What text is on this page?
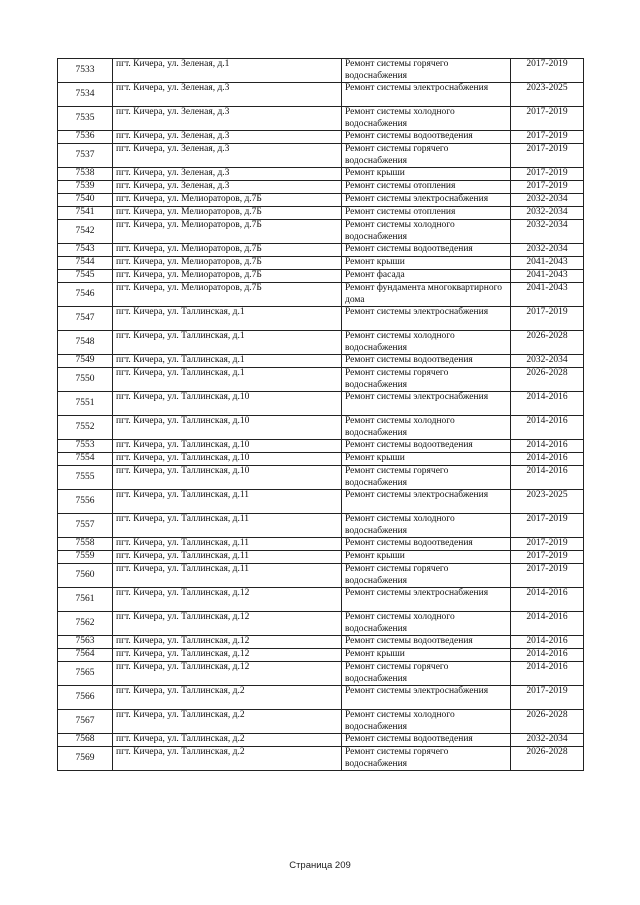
7533	пгт. Кичера, ул. Зеленая, д.1	Ремонт системы горячего водоснабжения	2017-2019
7534	пгт. Кичера, ул. Зеленая, д.3	Ремонт системы электроснабжения	2023-2025
7535	пгт. Кичера, ул. Зеленая, д.3	Ремонт системы холодного водоснабжения	2017-2019
7536	пгт. Кичера, ул. Зеленая, д.3	Ремонт системы водоотведения	2017-2019
7537	пгт. Кичера, ул. Зеленая, д.3	Ремонт системы горячего водоснабжения	2017-2019
7538	пгт. Кичера, ул. Зеленая, д.3	Ремонт крыши	2017-2019
7539	пгт. Кичера, ул. Зеленая, д.3	Ремонт системы отопления	2017-2019
7540	пгт. Кичера, ул. Мелиораторов, д.7Б	Ремонт системы электроснабжения	2032-2034
7541	пгт. Кичера, ул. Мелиораторов, д.7Б	Ремонт системы отопления	2032-2034
7542	пгт. Кичера, ул. Мелиораторов, д.7Б	Ремонт системы холодного водоснабжения	2032-2034
7543	пгт. Кичера, ул. Мелиораторов, д.7Б	Ремонт системы водоотведения	2032-2034
7544	пгт. Кичера, ул. Мелиораторов, д.7Б	Ремонт крыши	2041-2043
7545	пгт. Кичера, ул. Мелиораторов, д.7Б	Ремонт фасада	2041-2043
7546	пгт. Кичера, ул. Мелиораторов, д.7Б	Ремонт фундамента многоквартирного дома	2041-2043
7547	пгт. Кичера, ул. Таллинская, д.1	Ремонт системы электроснабжения	2017-2019
7548	пгт. Кичера, ул. Таллинская, д.1	Ремонт системы холодного водоснабжения	2026-2028
7549	пгт. Кичера, ул. Таллинская, д.1	Ремонт системы водоотведения	2032-2034
7550	пгт. Кичера, ул. Таллинская, д.1	Ремонт системы горячего водоснабжения	2026-2028
7551	пгт. Кичера, ул. Таллинская, д.10	Ремонт системы электроснабжения	2014-2016
7552	пгт. Кичера, ул. Таллинская, д.10	Ремонт системы холодного водоснабжения	2014-2016
7553	пгт. Кичера, ул. Таллинская, д.10	Ремонт системы водоотведения	2014-2016
7554	пгт. Кичера, ул. Таллинская, д.10	Ремонт крыши	2014-2016
7555	пгт. Кичера, ул. Таллинская, д.10	Ремонт системы горячего водоснабжения	2014-2016
7556	пгт. Кичера, ул. Таллинская, д.11	Ремонт системы электроснабжения	2023-2025
7557	пгт. Кичера, ул. Таллинская, д.11	Ремонт системы холодного водоснабжения	2017-2019
7558	пгт. Кичера, ул. Таллинская, д.11	Ремонт системы водоотведения	2017-2019
7559	пгт. Кичера, ул. Таллинская, д.11	Ремонт крыши	2017-2019
7560	пгт. Кичера, ул. Таллинская, д.11	Ремонт системы горячего водоснабжения	2017-2019
7561	пгт. Кичера, ул. Таллинская, д.12	Ремонт системы электроснабжения	2014-2016
7562	пгт. Кичера, ул. Таллинская, д.12	Ремонт системы холодного водоснабжения	2014-2016
7563	пгт. Кичера, ул. Таллинская, д.12	Ремонт системы водоотведения	2014-2016
7564	пгт. Кичера, ул. Таллинская, д.12	Ремонт крыши	2014-2016
7565	пгт. Кичера, ул. Таллинская, д.12	Ремонт системы горячего водоснабжения	2014-2016
7566	пгт. Кичера, ул. Таллинская, д.2	Ремонт системы электроснабжения	2017-2019
7567	пгт. Кичера, ул. Таллинская, д.2	Ремонт системы холодного водоснабжения	2026-2028
7568	пгт. Кичера, ул. Таллинская, д.2	Ремонт системы водоотведения	2032-2034
7569	пгт. Кичера, ул. Таллинская, д.2	Ремонт системы горячего водоснабжения	2026-2028
Страница 209
